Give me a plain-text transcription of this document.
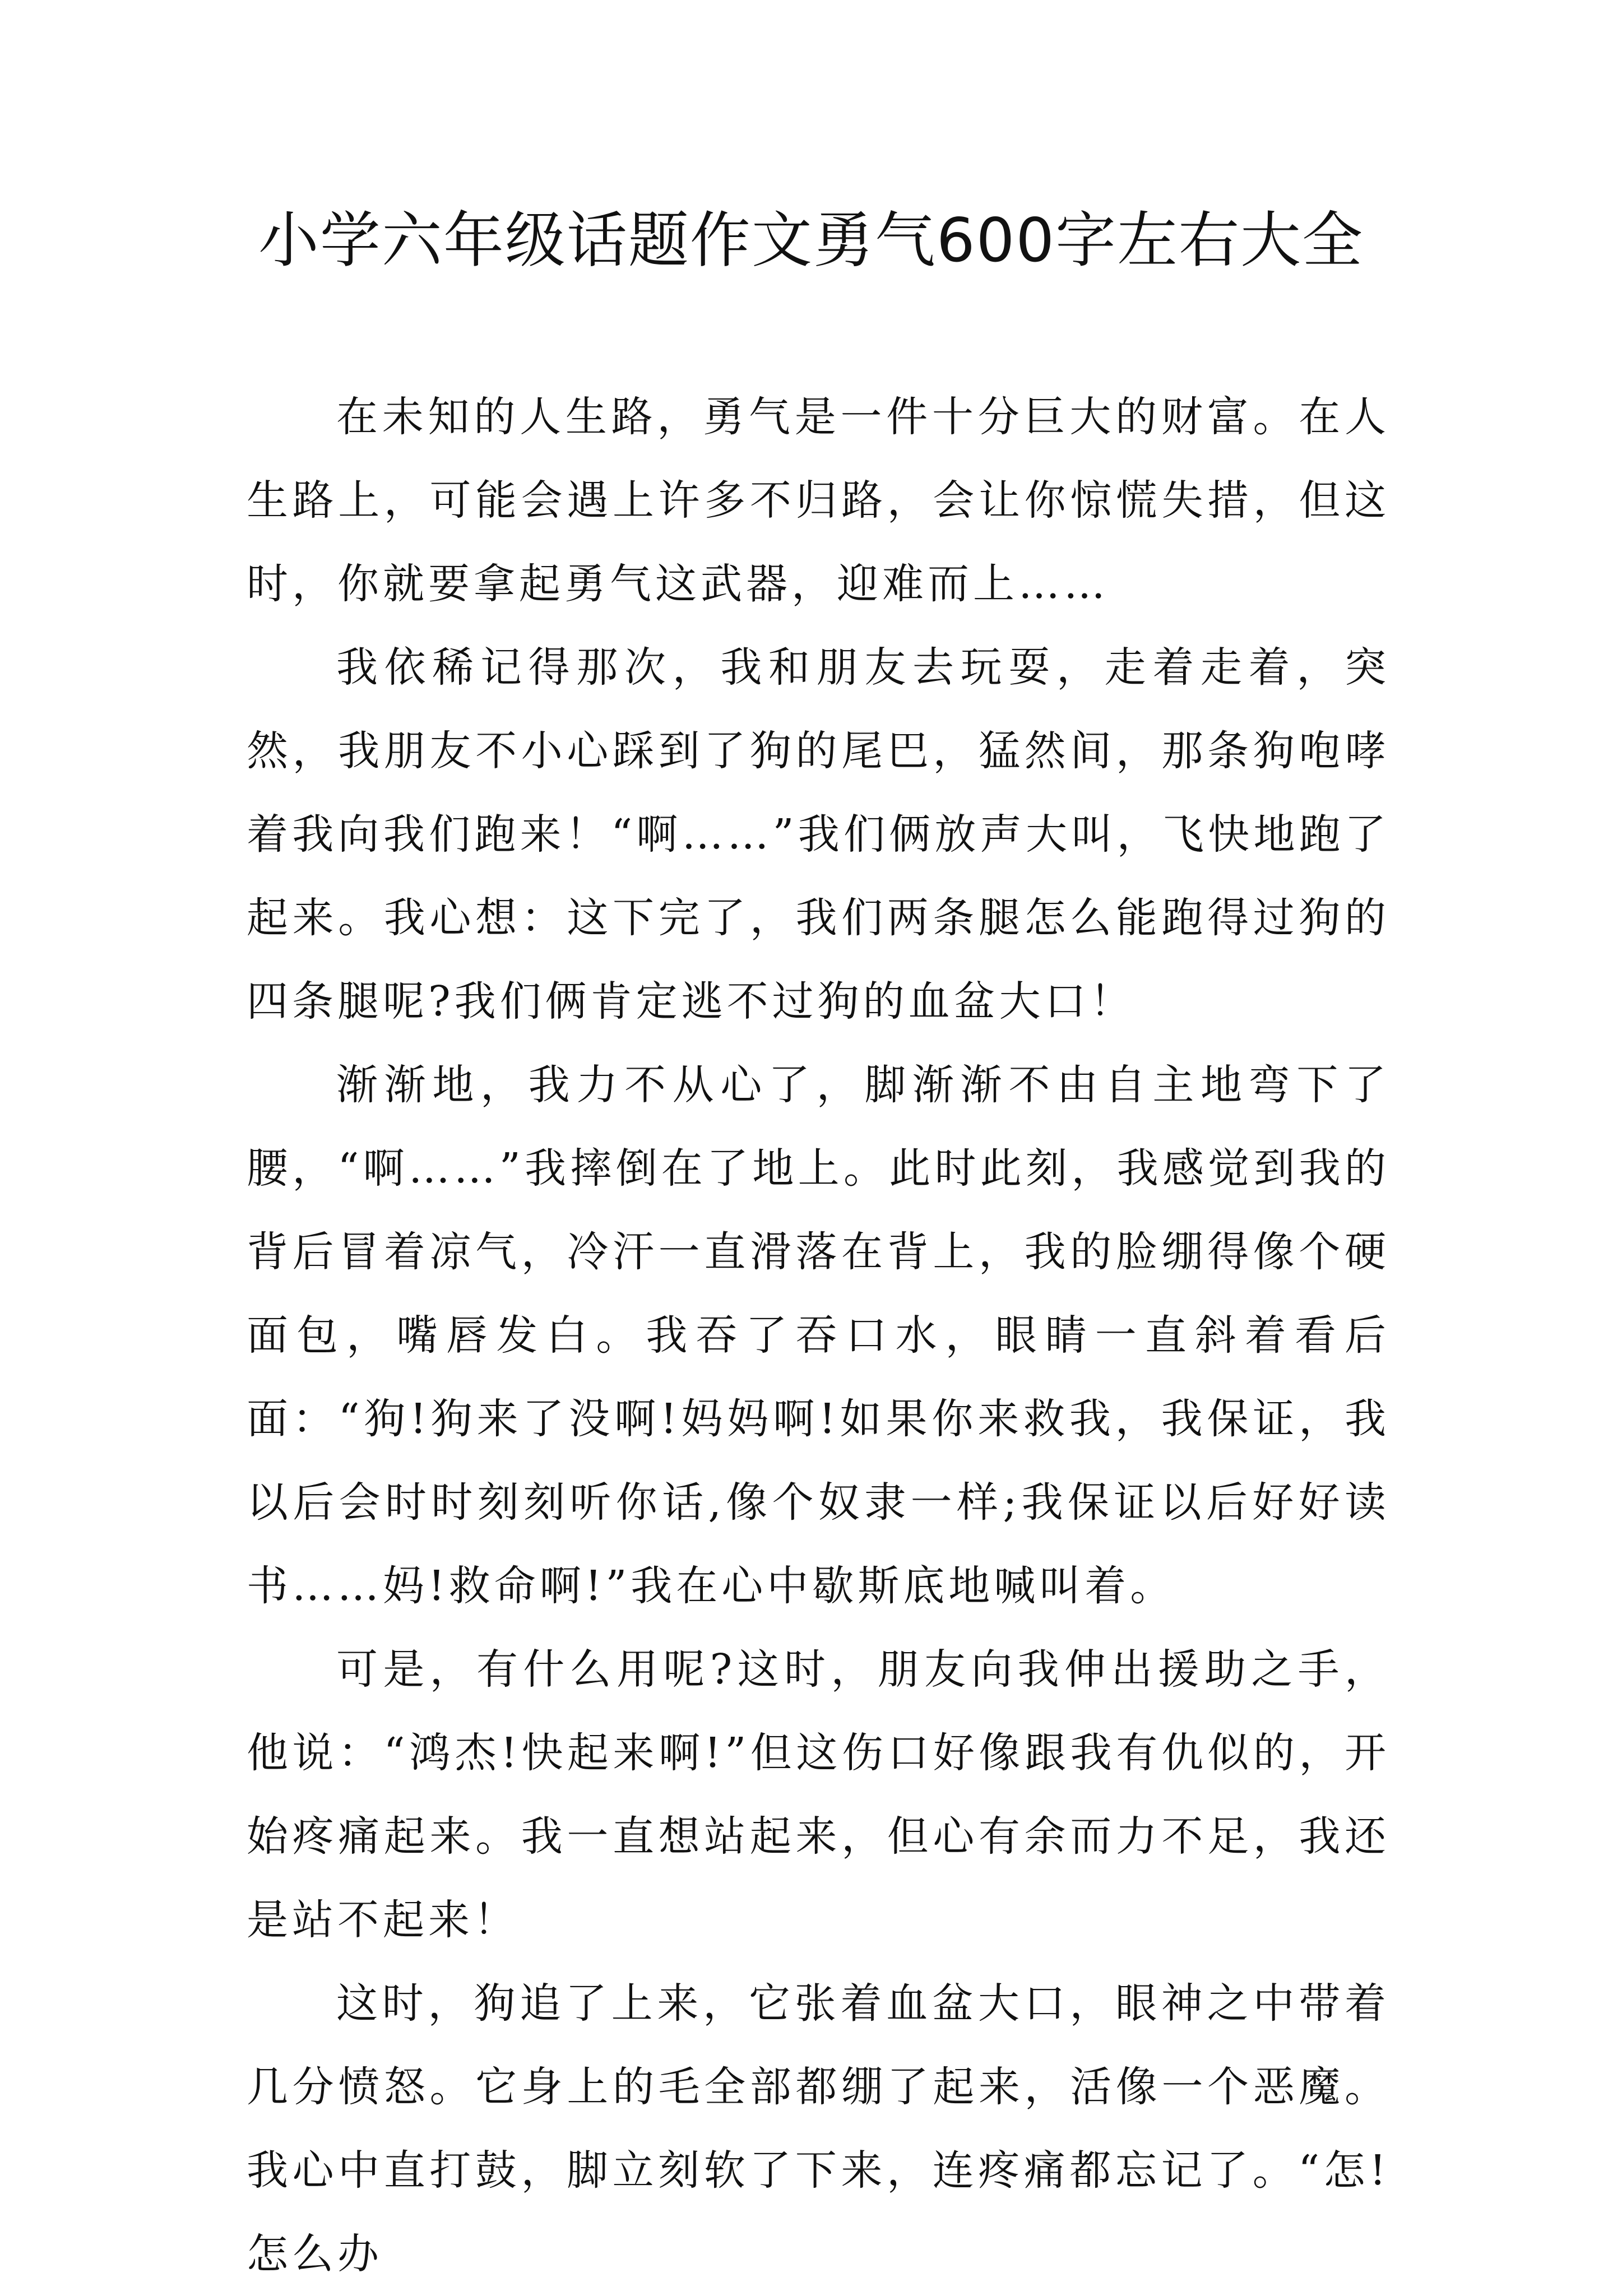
小学六年级话题作文勇气600字左右大全

在未知的人生路，勇气是一件十分巨大的财富。在人生路上，可能会遇上许多不归路，会让你惊慌失措，但这时，你就要拿起勇气这武器，迎难而上……

我依稀记得那次，我和朋友去玩耍，走着走着，突然，我朋友不小心踩到了狗的尾巴，猛然间，那条狗咆哮着我向我们跑来！“啊……”我们俩放声大叫，飞快地跑了起来。我心想：这下完了，我们两条腿怎么能跑得过狗的四条腿呢?我们俩肯定逃不过狗的血盆大口！

渐渐地，我力不从心了，脚渐渐不由自主地弯下了腰，“啊……”我摔倒在了地上。此时此刻，我感觉到我的背后冒着凉气，冷汗一直滑落在背上，我的脸绷得像个硬面包，嘴唇发白。我吞了吞口水，眼睛一直斜着看后面：“狗!狗来了没啊!妈妈啊!如果你来救我，我保证，我以后会时时刻刻听你话,像个奴隶一样;我保证以后好好读书……妈!救命啊!”我在心中歇斯底地喊叫着。

可是，有什么用呢?这时，朋友向我伸出援助之手，他说：“鸿杰!快起来啊!”但这伤口好像跟我有仇似的，开始疼痛起来。我一直想站起来，但心有余而力不足，我还是站不起来！

这时，狗追了上来，它张着血盆大口，眼神之中带着几分愤怒。它身上的毛全部都绷了起来，活像一个恶魔。我心中直打鼓，脚立刻软了下来，连疼痛都忘记了。“怎!怎么办
